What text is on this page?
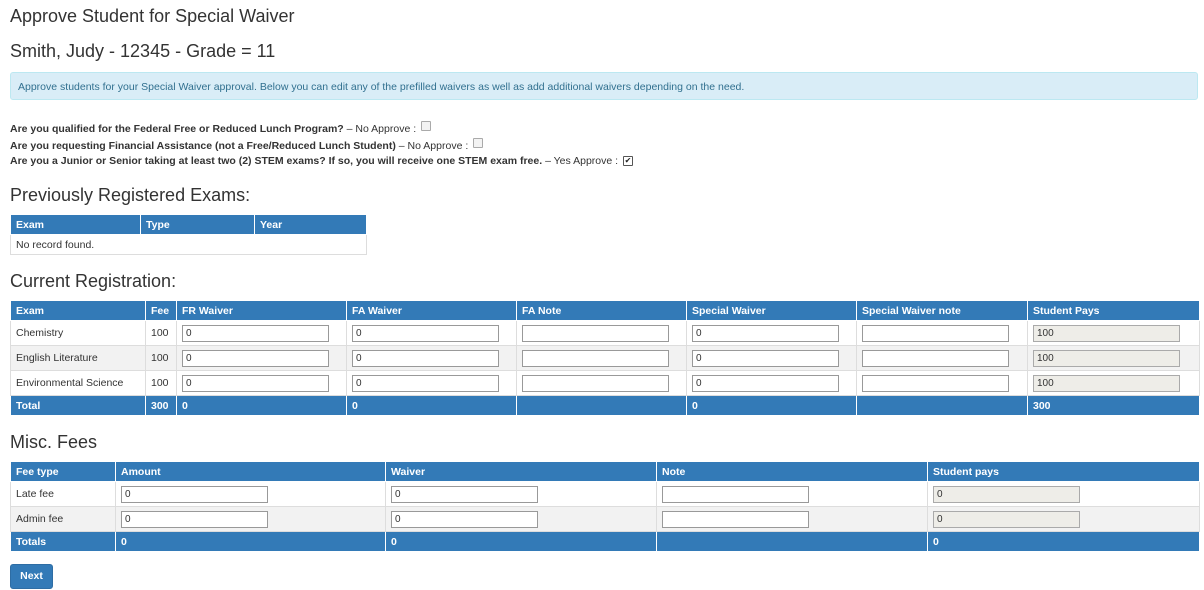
Approve Student for Special Waiver
Smith, Judy - 12345 - Grade = 11
Approve students for your Special Waiver approval. Below you can edit any of the prefilled waivers as well as add additional waivers depending on the need.
Are you qualified for the Federal Free or Reduced Lunch Program? – No Approve :
Are you requesting Financial Assistance (not a Free/Reduced Lunch Student) – No Approve :
Are you a Junior or Senior taking at least two (2) STEM exams? If so, you will receive one STEM exam free. – Yes Approve : ✔
Previously Registered Exams:
Exam	Type	Year
No record found.
Current Registration:
Exam	Fee	FR Waiver	FA Waiver	FA Note	Special Waiver	Special Waiver note	Student Pays
Chemistry	100	0	0		0		100
English Literature	100	0	0		0		100
Environmental Science	100	0	0		0		100
Total	300	0	0		0		300
Misc. Fees
Fee type	Amount	Waiver	Note	Student pays
Late fee	0	0		0
Admin fee	0	0		0
Totals	0	0		0
Next
